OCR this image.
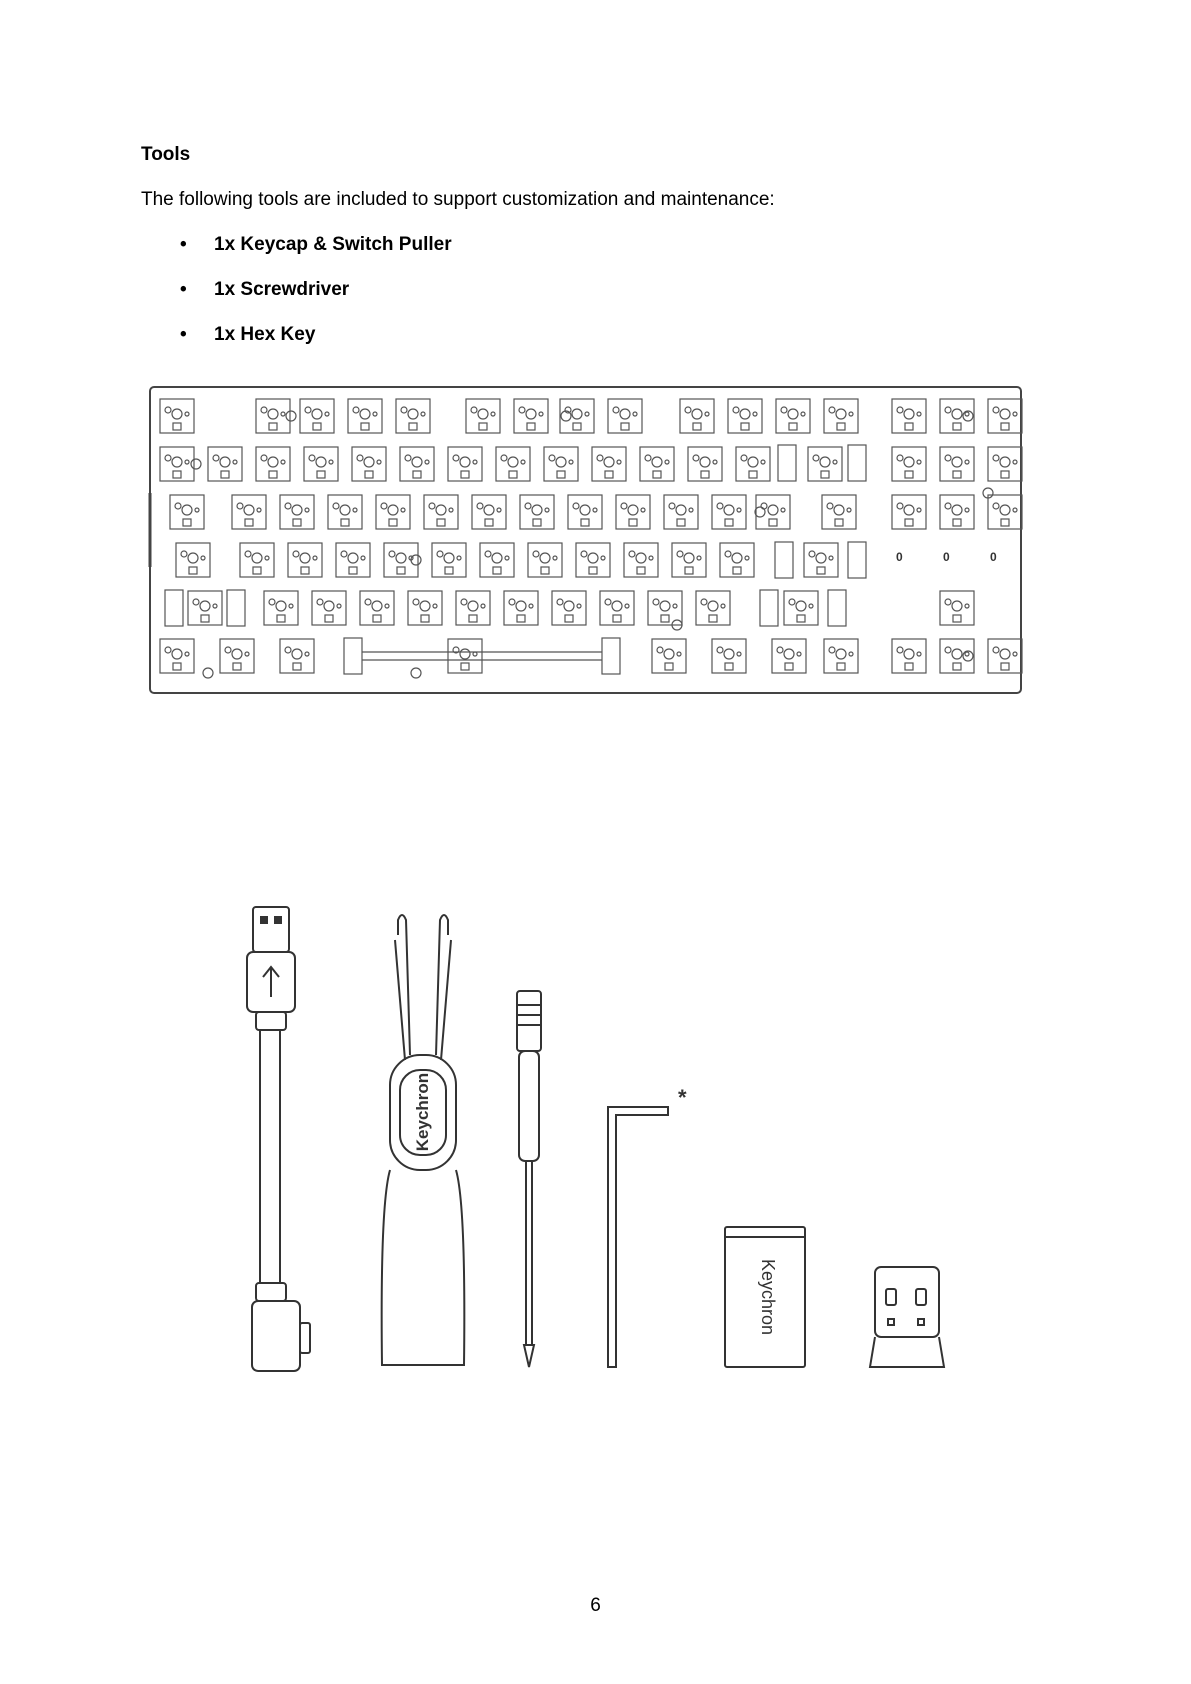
Tools
The following tools are included to support customization and maintenance:
• 1x Keycap & Switch Puller
• 1x Screwdriver
• 1x Hex Key
0	0	0
Keychron	*
Keychron
6
